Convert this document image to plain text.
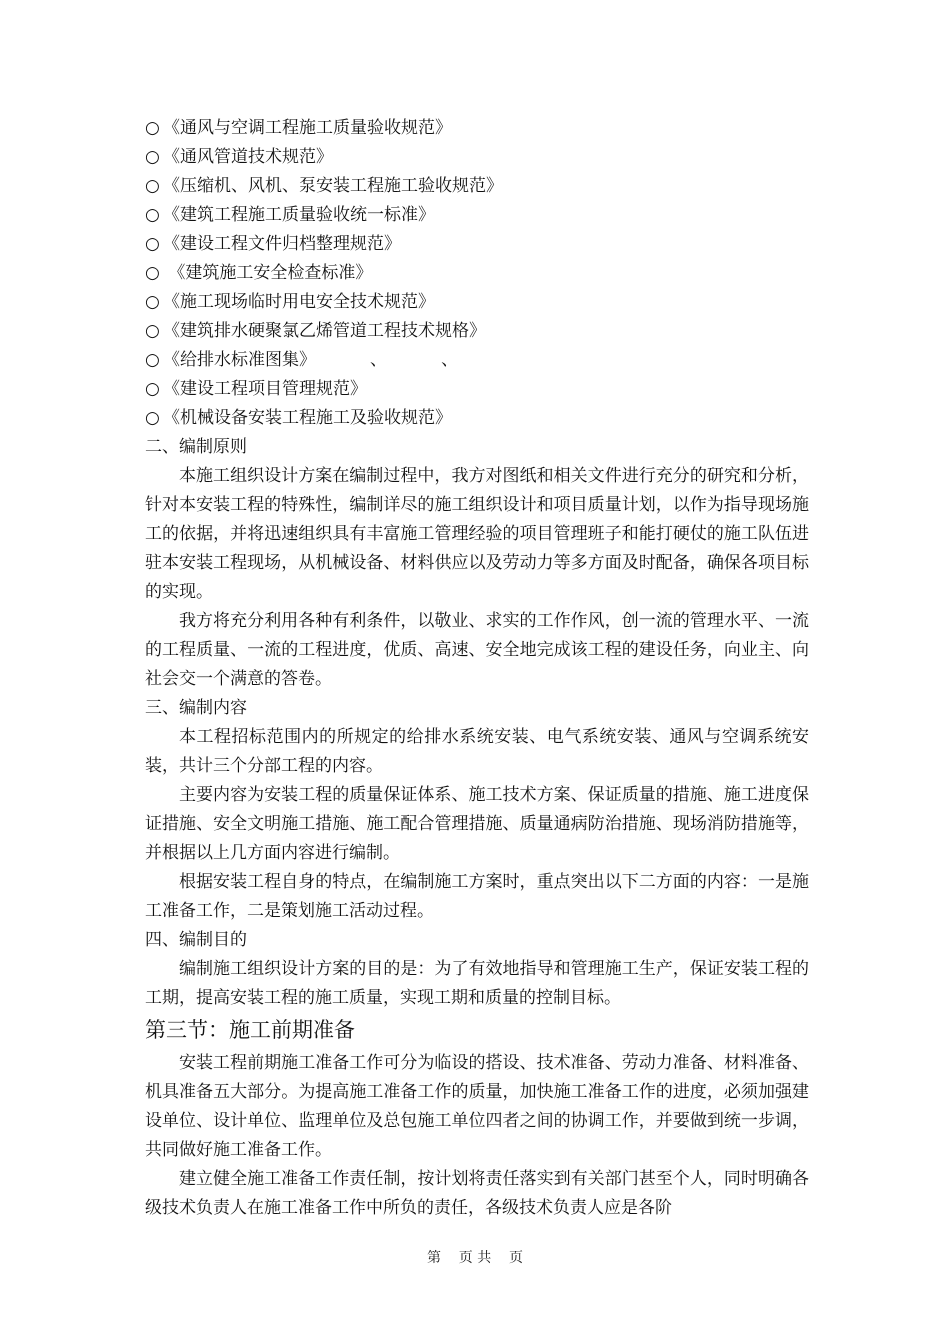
○ 《通风与空调工程施工质量验收规范》
○ 《通风管道技术规范》
○ 《压缩机、风机、泵安装工程施工验收规范》
○ 《建筑工程施工质量验收统一标准》
○ 《建设工程文件归档整理规范》
○ 《建筑施工安全检查标准》
○ 《施工现场临时用电安全技术规范》
○ 《建筑排水硬聚氯乙烯管道工程技术规格》
○ 《给排水标准图集》          、          、
○ 《建设工程项目管理规范》
○ 《机械设备安装工程施工及验收规范》

二、编制原则

本施工组织设计方案在编制过程中，我方对图纸和相关文件进行充分的研究和分析，针对本安装工程的特殊性，编制详尽的施工组织设计和项目质量计划，以作为指导现场施工的依据，并将迅速组织具有丰富施工管理经验的项目管理班子和能打硬仗的施工队伍进驻本安装工程现场，从机械设备、材料供应以及劳动力等多方面及时配备，确保各项目标的实现。

我方将充分利用各种有利条件，以敬业、求实的工作作风，创一流的管理水平、一流的工程质量、一流的工程进度，优质、高速、安全地完成该工程的建设任务，向业主、向社会交一个满意的答卷。

三、编制内容

本工程招标范围内的所规定的给排水系统安装、电气系统安装、通风与空调系统安装，共计三个分部工程的内容。

主要内容为安装工程的质量保证体系、施工技术方案、保证质量的措施、施工进度保证措施、安全文明施工措施、施工配合管理措施、质量通病防治措施、现场消防措施等，并根据以上几方面内容进行编制。

根据安装工程自身的特点，在编制施工方案时，重点突出以下二方面的内容：一是施工准备工作，二是策划施工活动过程。

四、编制目的

编制施工组织设计方案的目的是：为了有效地指导和管理施工生产，保证安装工程的工期，提高安装工程的施工质量，实现工期和质量的控制目标。

第三节：施工前期准备

安装工程前期施工准备工作可分为临设的搭设、技术准备、劳动力准备、材料准备、机具准备五大部分。为提高施工准备工作的质量，加快施工准备工作的进度，必须加强建设单位、设计单位、监理单位及总包施工单位四者之间的协调工作，并要做到统一步调，共同做好施工准备工作。

建立健全施工准备工作责任制，按计划将责任落实到有关部门甚至个人，同时明确各级技术负责人在施工准备工作中所负的责任，各级技术负责人应是各阶

第    页 共    页
